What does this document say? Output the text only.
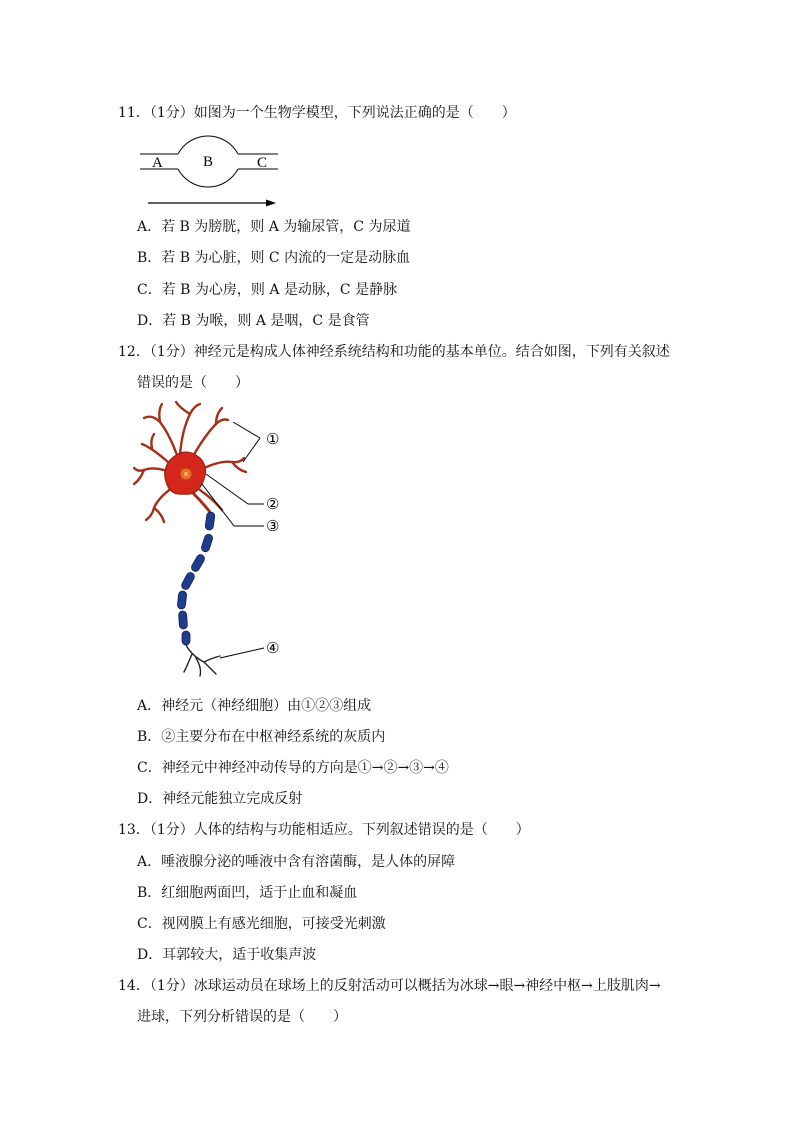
11．（1分）如图为一个生物学模型，下列说法正确的是（　　）
A	B	C
A．若 B 为膀胱，则 A 为输尿管，C 为尿道
B．若 B 为心脏，则 C 内流的一定是动脉血
C．若 B 为心房，则 A 是动脉，C 是静脉
D．若 B 为喉，则 A 是咽，C 是食管
12．（1分）神经元是构成人体神经系统结构和功能的基本单位。结合如图，下列有关叙述
错误的是（　　）
①
②
③
④
A．神经元（神经细胞）由①②③组成
B．②主要分布在中枢神经系统的灰质内
C．神经元中神经冲动传导的方向是①→②→③→④
D．神经元能独立完成反射
13．（1分）人体的结构与功能相适应。下列叙述错误的是（　　）
A．唾液腺分泌的唾液中含有溶菌酶，是人体的屏障
B．红细胞两面凹，适于止血和凝血
C．视网膜上有感光细胞，可接受光刺激
D．耳郭较大，适于收集声波
14．（1分）冰球运动员在球场上的反射活动可以概括为冰球→眼→神经中枢→上肢肌肉→
进球，下列分析错误的是（　　）
